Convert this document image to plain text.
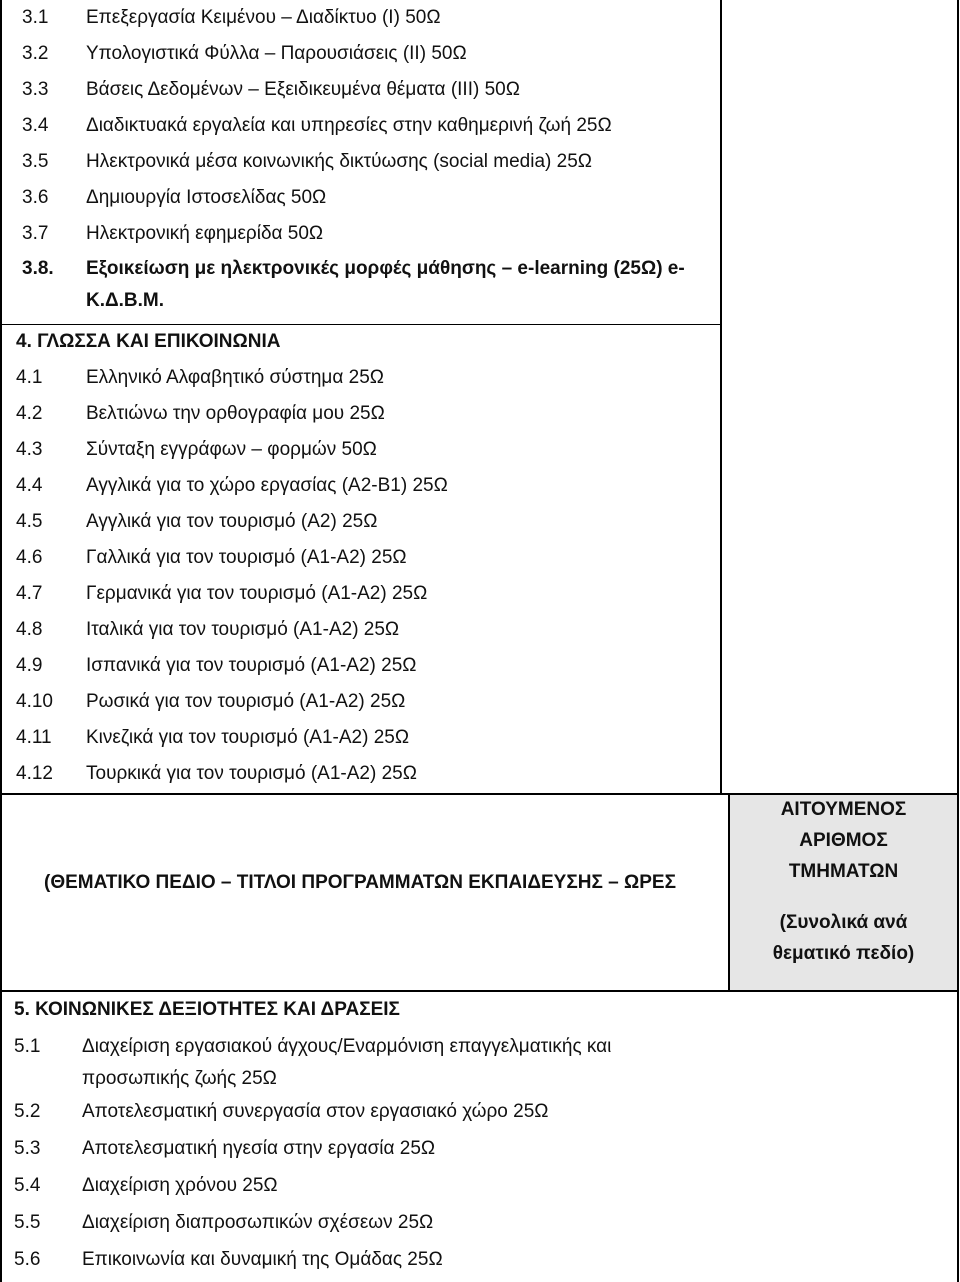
3.1 Επεξεργασία Κειμένου – Διαδίκτυο (Ι) 50Ω
3.2 Υπολογιστικά Φύλλα – Παρουσιάσεις (ΙΙ) 50Ω
3.3 Βάσεις Δεδομένων – Εξειδικευμένα θέματα (ΙΙΙ) 50Ω
3.4 Διαδικτυακά εργαλεία και υπηρεσίες στην καθημερινή ζωή 25Ω
3.5 Ηλεκτρονικά μέσα κοινωνικής δικτύωσης (social media) 25Ω
3.6 Δημιουργία Ιστοσελίδας 50Ω
3.7 Ηλεκτρονική εφημερίδα 50Ω
3.8. Εξοικείωση με ηλεκτρονικές μορφές μάθησης – e-learning (25Ω) e-
Κ.Δ.Β.Μ.
4. ΓΛΩΣΣΑ ΚΑΙ ΕΠΙΚΟΙΝΩΝΙΑ
4.1 Ελληνικό Αλφαβητικό σύστημα 25Ω
4.2 Βελτιώνω την ορθογραφία μου 25Ω
4.3 Σύνταξη εγγράφων – φορμών 50Ω
4.4 Αγγλικά για το χώρο εργασίας (Α2-Β1) 25Ω
4.5 Αγγλικά για τον τουρισμό (Α2) 25Ω
4.6 Γαλλικά για τον τουρισμό (Α1-Α2) 25Ω
4.7 Γερμανικά για τον τουρισμό (Α1-Α2) 25Ω
4.8 Ιταλικά για τον τουρισμό (Α1-Α2) 25Ω
4.9 Ισπανικά για τον τουρισμό (Α1-Α2) 25Ω
4.10 Ρωσικά για τον τουρισμό (Α1-Α2) 25Ω
4.11 Κινεζικά για τον τουρισμό (Α1-Α2) 25Ω
4.12 Τουρκικά για τον τουρισμό (Α1-Α2) 25Ω
(ΘΕΜΑΤΙΚΟ ΠΕΔΙΟ – ΤΙΤΛΟΙ ΠΡΟΓΡΑΜΜΑΤΩΝ ΕΚΠΑΙΔΕΥΣΗΣ – ΩΡΕΣ
ΑΙΤΟΥΜΕΝΟΣ
ΑΡΙΘΜΟΣ
ΤΜΗΜΑΤΩΝ
(Συνολικά ανά
θεματικό πεδίο)
5. ΚΟΙΝΩΝΙΚΕΣ ΔΕΞΙΟΤΗΤΕΣ ΚΑΙ ΔΡΑΣΕΙΣ
5.1 Διαχείριση εργασιακού άγχους/Εναρμόνιση επαγγελματικής και
προσωπικής ζωής 25Ω
5.2 Αποτελεσματική συνεργασία στον εργασιακό χώρο 25Ω
5.3 Αποτελεσματική ηγεσία στην εργασία 25Ω
5.4 Διαχείριση χρόνου 25Ω
5.5 Διαχείριση διαπροσωπικών σχέσεων 25Ω
5.6 Επικοινωνία και δυναμική της Ομάδας 25Ω
